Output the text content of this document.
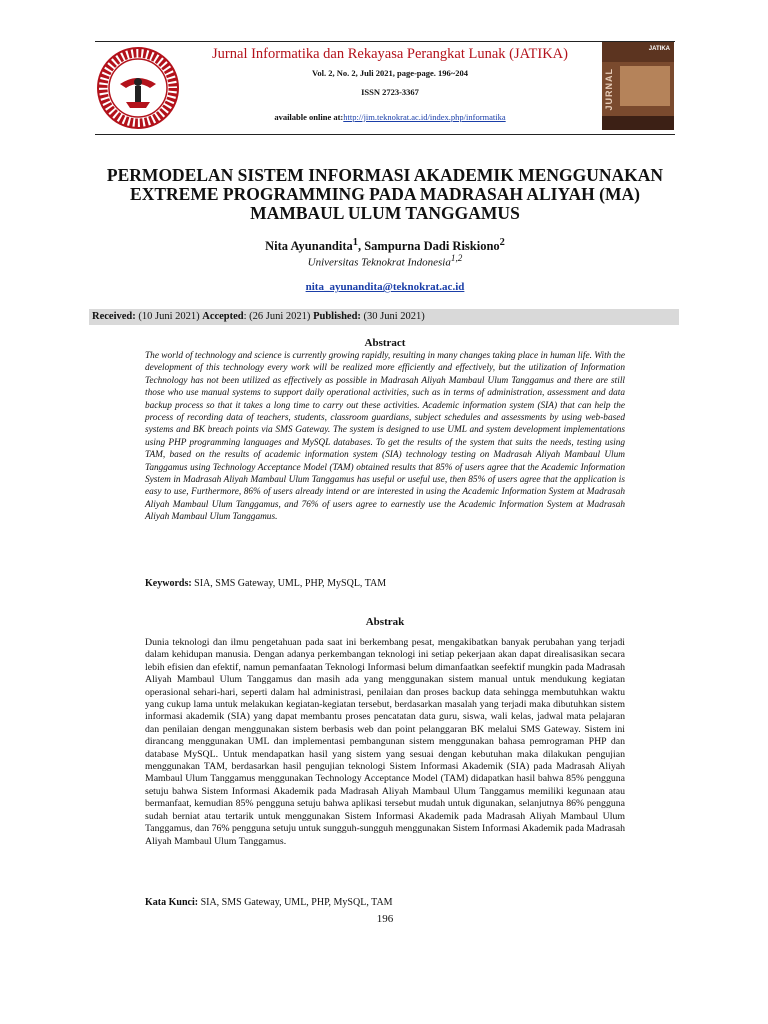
JATIKA
JURNAL
Jurnal Informatika dan Rekayasa Perangkat Lunak (JATIKA)
Vol. 2, No. 2, Juli 2021, page-page. 196~204
ISSN 2723-3367
available online at:http://jim.teknokrat.ac.id/index.php/informatika
PERMODELAN SISTEM INFORMASI AKADEMIK MENGGUNAKAN EXTREME PROGRAMMING PADA MADRASAH ALIYAH (MA) MAMBAUL ULUM TANGGAMUS
Nita Ayunandita$^1$, Sampurna Dadi Riskiono$^2$
Universitas Teknokrat Indonesia$^{1,2}$
nita_ayunandita@teknokrat.ac.id
Received: (10 Juni 2021) Accepted: (26 Juni 2021) Published: (30 Juni 2021)
Abstract
The world of technology and science is currently growing rapidly, resulting in many changes taking place in human life. With the development of this technology every work will be realized more efficiently and effectively, but the utilization of Information Technology has not been utilized as effectively as possible in Madrasah Aliyah Mambaul Ulum Tanggamus and there are still those who use manual systems to support daily operational activities, such as in terms of administration, assessment and data backup process so that it takes a long time to carry out these activities. Academic information system (SIA) that can help the process of recording data of teachers, students, classroom guardians, subject schedules and assessments by using web-based systems and BK breach points via SMS Gateway. The system is designed to use UML and system development implementations using PHP programming languages and MySQL databases. To get the results of the system that suits the needs, testing using TAM, based on the results of academic information system (SIA) technology testing on Madrasah Aliyah Mambaul Ulum Tanggamus using Technology Acceptance Model (TAM) obtained results that 85% of users agree that the Academic Information System in Madrasah Aliyah Mambaul Ulum Tanggamus has useful or useful use, then 85% of users agree that the application is easy to use, Furthermore, 86% of users already intend or are interested in using the Academic Information System at Madrasah Aliyah Mambaul Ulum Tanggamus, and 76% of users agree to earnestly use the Academic Information System at Madrasah Aliyah Mambaul Ulum Tanggamus.
Keywords: SIA, SMS Gateway, UML, PHP, MySQL, TAM
Abstrak
Dunia teknologi dan ilmu pengetahuan pada saat ini berkembang pesat, mengakibatkan banyak perubahan yang terjadi dalam kehidupan manusia. Dengan adanya perkembangan teknologi ini setiap pekerjaan akan dapat direalisasikan secara lebih efisien dan efektif, namun pemanfaatan Teknologi Informasi belum dimanfaatkan seefektif mungkin pada Madrasah Aliyah Mambaul Ulum Tanggamus dan masih ada yang menggunakan sistem manual untuk mendukung kegiatan operasional sehari-hari, seperti dalam hal administrasi, penilaian dan proses backup data sehingga membutuhkan waktu yang cukup lama untuk melakukan kegiatan-kegiatan tersebut, berdasarkan masalah yang terjadi maka dibutuhkan sistem informasi akademik (SIA) yang dapat membantu proses pencatatan data guru, siswa, wali kelas, jadwal mata pelajaran dan penilaian dengan menggunakan sistem berbasis web dan point pelanggaran BK melalui SMS Gateway. Sistem ini dirancang menggunakan UML dan implementasi pembangunan sistem menggunakan bahasa pemrograman PHP dan database MySQL. Untuk mendapatkan hasil yang sistem yang sesuai dengan kebutuhan maka dilakukan pengujian menggunakan TAM, berdasarkan hasil pengujian teknologi Sistem Informasi Akademik (SIA) pada Madrasah Aliyah Mambaul Ulum Tanggamus menggunakan Technology Acceptance Model (TAM) didapatkan hasil bahwa 85% pengguna setuju bahwa Sistem Informasi Akademik pada Madrasah Aliyah Mambaul Ulum Tanggamus memiliki kegunaan atau bermanfaat, kemudian 85% pengguna setuju bahwa aplikasi tersebut mudah untuk digunakan, selanjutnya 86% pengguna sudah berniat atau tertarik untuk menggunakan Sistem Informasi Akademik pada Madrasah Aliyah Mambaul Ulum Tanggamus, dan 76% pengguna setuju untuk sungguh-sungguh menggunakan Sistem Informasi Akademik pada Madrasah Aliyah Mambaul Ulum Tanggamus.
Kata Kunci: SIA, SMS Gateway, UML, PHP, MySQL, TAM
196
